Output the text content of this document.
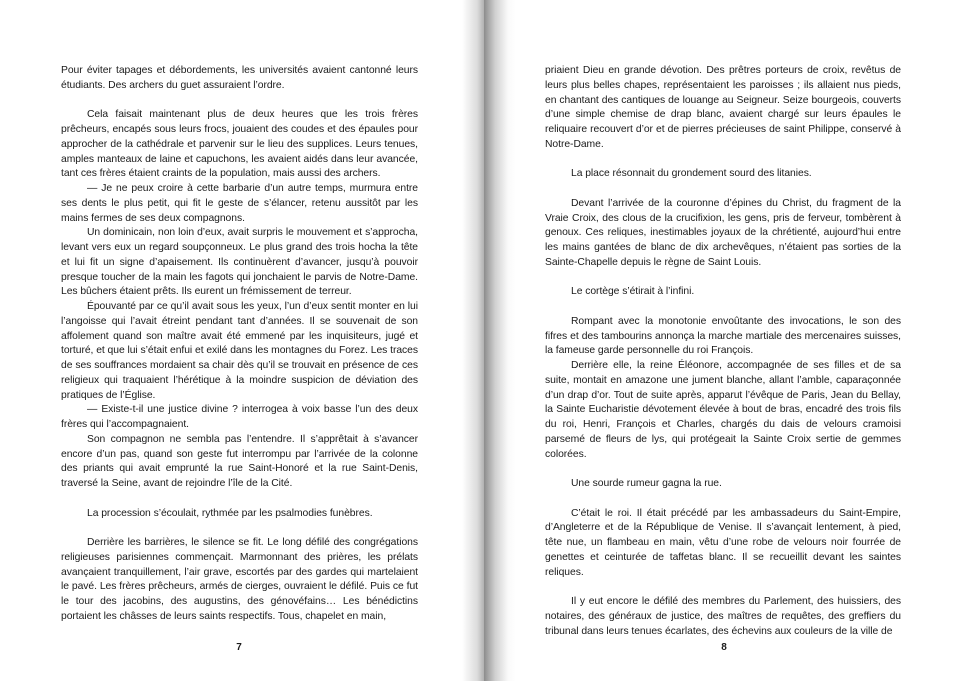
Pour éviter tapages et débordements, les universités avaient cantonné leurs étudiants. Des archers du guet assuraient l’ordre.

Cela faisait maintenant plus de deux heures que les trois frères prêcheurs, encapés sous leurs frocs, jouaient des coudes et des épaules pour approcher de la cathédrale et parvenir sur le lieu des supplices. Leurs tenues, amples manteaux de laine et capuchons, les avaient aidés dans leur avancée, tant ces frères étaient craints de la population, mais aussi des archers.

— Je ne peux croire à cette barbarie d’un autre temps, murmura entre ses dents le plus petit, qui fit le geste de s’élancer, retenu aussitôt par les mains fermes de ses deux compagnons.

Un dominicain, non loin d’eux, avait surpris le mouvement et s’approcha, levant vers eux un regard soupçonneux. Le plus grand des trois hocha la tête et lui fit un signe d’apaisement. Ils continuèrent d’avancer, jusqu’à pouvoir presque toucher de la main les fagots qui jonchaient le parvis de Notre-Dame. Les bûchers étaient prêts. Ils eurent un frémissement de terreur.

Épouvanté par ce qu’il avait sous les yeux, l’un d’eux sentit monter en lui l’angoisse qui l’avait étreint pendant tant d’années. Il se souvenait de son affolement quand son maître avait été emmené par les inquisiteurs, jugé et torturé, et que lui s’était enfui et exilé dans les montagnes du Forez. Les traces de ses souffrances mordaient sa chair dès qu’il se trouvait en présence de ces religieux qui traquaient l’hérétique à la moindre suspicion de déviation des pratiques de l’Église.

— Existe-t-il une justice divine ? interrogea à voix basse l’un des deux frères qui l’accompagnaient.

Son compagnon ne sembla pas l’entendre. Il s’apprêtait à s’avancer encore d’un pas, quand son geste fut interrompu par l’arrivée de la colonne des priants qui avait emprunté la rue Saint-Honoré et la rue Saint-Denis, traversé la Seine, avant de rejoindre l’île de la Cité.

La procession s’écoulait, rythmée par les psalmodies funèbres.

Derrière les barrières, le silence se fit. Le long défilé des congrégations religieuses parisiennes commençait. Marmonnant des prières, les prélats avançaient tranquillement, l’air grave, escortés par des gardes qui martelaient le pavé. Les frères prêcheurs, armés de cierges, ouvraient le défilé. Puis ce fut le tour des jacobins, des augustins, des génovéfains… Les bénédictins portaient les châsses de leurs saints respectifs. Tous, chapelet en main,

7

priaient Dieu en grande dévotion. Des prêtres porteurs de croix, revêtus de leurs plus belles chapes, représentaient les paroisses ; ils allaient nus pieds, en chantant des cantiques de louange au Seigneur. Seize bourgeois, couverts d’une simple chemise de drap blanc, avaient chargé sur leurs épaules le reliquaire recouvert d’or et de pierres précieuses de saint Philippe, conservé à Notre-Dame.

La place résonnait du grondement sourd des litanies.

Devant l’arrivée de la couronne d’épines du Christ, du fragment de la Vraie Croix, des clous de la crucifixion, les gens, pris de ferveur, tombèrent à genoux. Ces reliques, inestimables joyaux de la chrétienté, aujourd’hui entre les mains gantées de blanc de dix archevêques, n’étaient pas sorties de la Sainte-Chapelle depuis le règne de Saint Louis.

Le cortège s’étirait à l’infini.

Rompant avec la monotonie envoûtante des invocations, le son des fifres et des tambourins annonça la marche martiale des mercenaires suisses, la fameuse garde personnelle du roi François.

Derrière elle, la reine Éléonore, accompagnée de ses filles et de sa suite, montait en amazone une jument blanche, allant l’amble, caparaçonnée d’un drap d’or. Tout de suite après, apparut l’évêque de Paris, Jean du Bellay, la Sainte Eucharistie dévotement élevée à bout de bras, encadré des trois fils du roi, Henri, François et Charles, chargés du dais de velours cramoisi parsemé de fleurs de lys, qui protégeait la Sainte Croix sertie de gemmes colorées.

Une sourde rumeur gagna la rue.

C’était le roi. Il était précédé par les ambassadeurs du Saint-Empire, d’Angleterre et de la République de Venise. Il s’avançait lentement, à pied, tête nue, un flambeau en main, vêtu d’une robe de velours noir fourrée de genettes et ceinturée de taffetas blanc. Il se recueillit devant les saintes reliques.

Il y eut encore le défilé des membres du Parlement, des huissiers, des notaires, des généraux de justice, des maîtres de requêtes, des greffiers du tribunal dans leurs tenues écarlates, des échevins aux couleurs de la ville de

8
